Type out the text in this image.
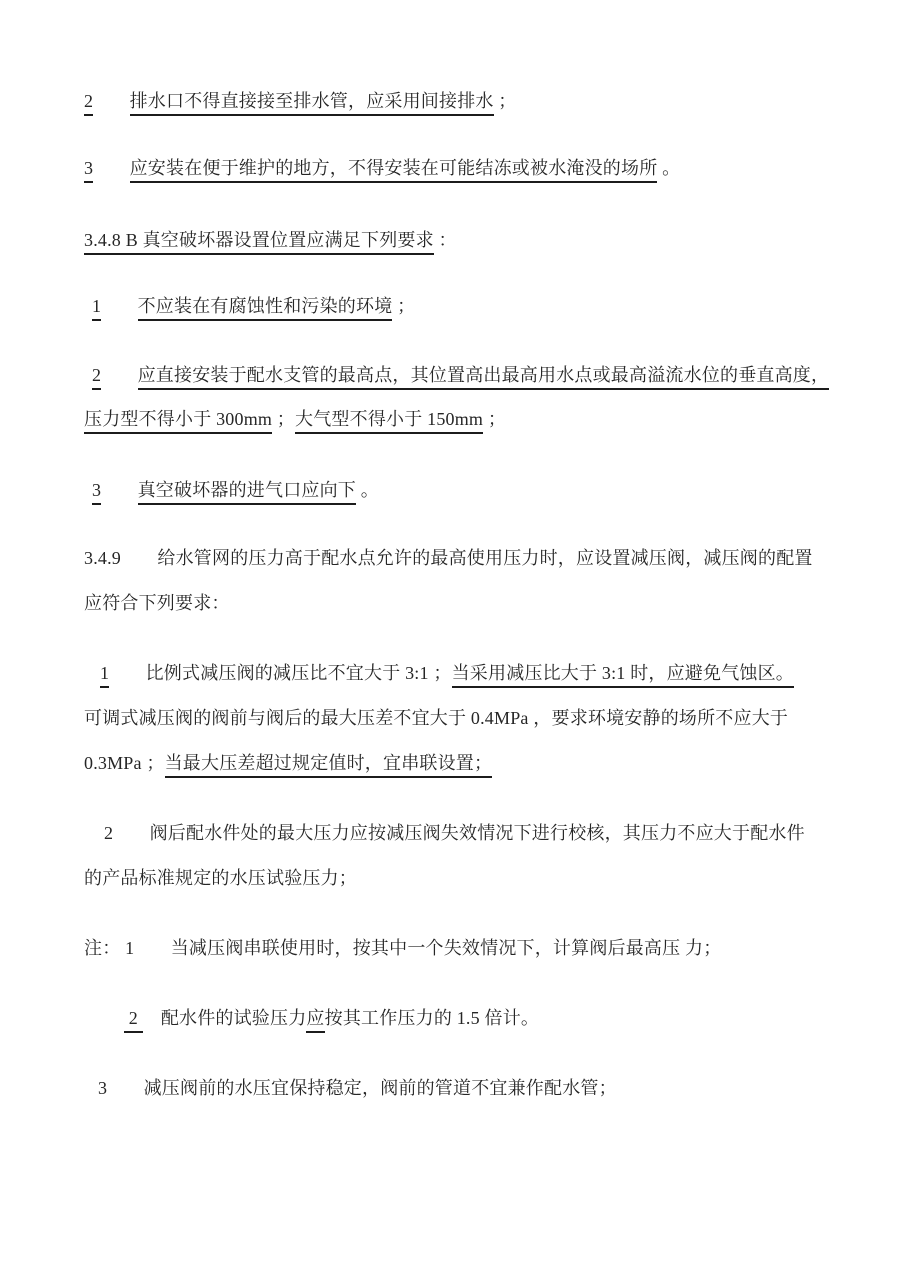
2　　 排水口不得直接接至排水管，应采用间接排水 ；
3　　 应安装在便于维护的地方，不得安装在可能结冻或被水淹没的场所 。
3.4.8 B 真空破坏器设置位置应满足下列要求 ：
1　　 不应装在有腐蚀性和污染的环境 ；
2　　 应直接安装于配水支管的最高点，其位置高出最高用水点或最高溢流水位的垂直高度，
压力型不得小于 300mm ；大气型不得小于 150mm ；
3　　 真空破坏器的进气口应向下 。
3.4.9　　 给水管网的压力高于配水点允许的最高使用压力时，应设置减压阀，减压阀的配置
应符合下列要求：
1　　 比例式减压阀的减压比不宜大于 3:1 ；当采用减压比大于 3:1 时，应避免气蚀区。
可调式减压阀的阀前与阀后的最大压差不宜大于 0.4MPa ，要求环境安静的场所不应大于
0.3MPa ；当最大压差超过规定值时，宜串联设置；
2　　 阀后配水件处的最大压力应按减压阀失效情况下进行校核，其压力不应大于配水件
的产品标准规定的水压试验压力；
注： 1　　 当减压阀串联使用时，按其中一个失效情况下，计算阀后最高压 力；
2 　配水件的试验压力应按其工作压力的 1.5 倍计。
3　　 减压阀前的水压宜保持稳定，阀前的管道不宜兼作配水管；
